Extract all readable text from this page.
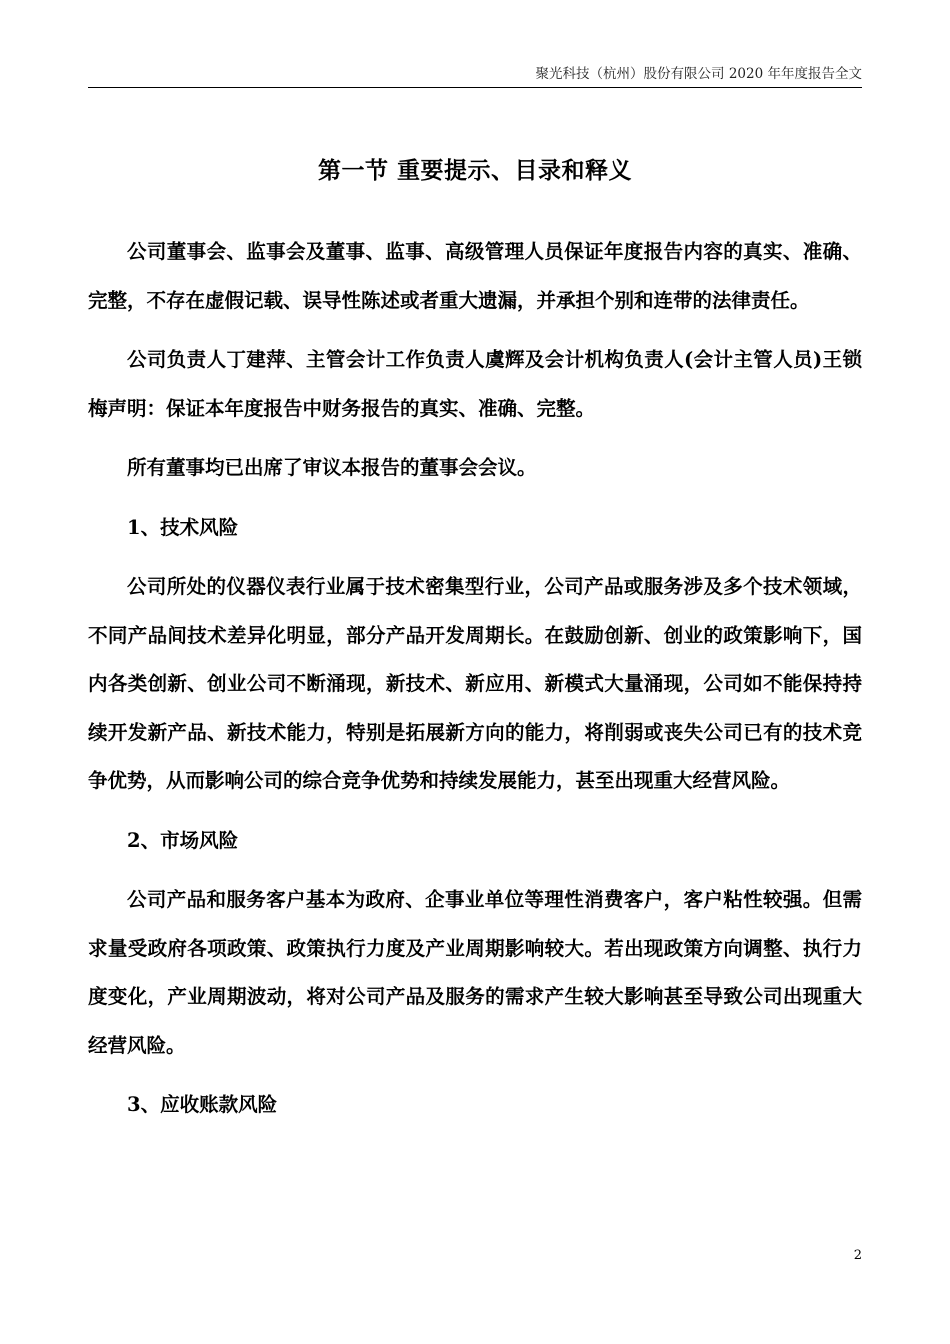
聚光科技（杭州）股份有限公司 2020 年年度报告全文
第一节 重要提示、目录和释义

公司董事会、监事会及董事、监事、高级管理人员保证年度报告内容的真实、准确、完整，不存在虚假记载、误导性陈述或者重大遗漏，并承担个别和连带的法律责任。

公司负责人丁建萍、主管会计工作负责人虞辉及会计机构负责人(会计主管人员)王锁梅声明：保证本年度报告中财务报告的真实、准确、完整。

所有董事均已出席了审议本报告的董事会会议。

1、技术风险

公司所处的仪器仪表行业属于技术密集型行业，公司产品或服务涉及多个技术领域，不同产品间技术差异化明显，部分产品开发周期长。在鼓励创新、创业的政策影响下，国内各类创新、创业公司不断涌现，新技术、新应用、新模式大量涌现，公司如不能保持持续开发新产品、新技术能力，特别是拓展新方向的能力，将削弱或丧失公司已有的技术竞争优势，从而影响公司的综合竞争优势和持续发展能力，甚至出现重大经营风险。

2、市场风险

公司产品和服务客户基本为政府、企事业单位等理性消费客户，客户粘性较强。但需求量受政府各项政策、政策执行力度及产业周期影响较大。若出现政策方向调整、执行力度变化，产业周期波动，将对公司产品及服务的需求产生较大影响甚至导致公司出现重大经营风险。

3、应收账款风险
2
